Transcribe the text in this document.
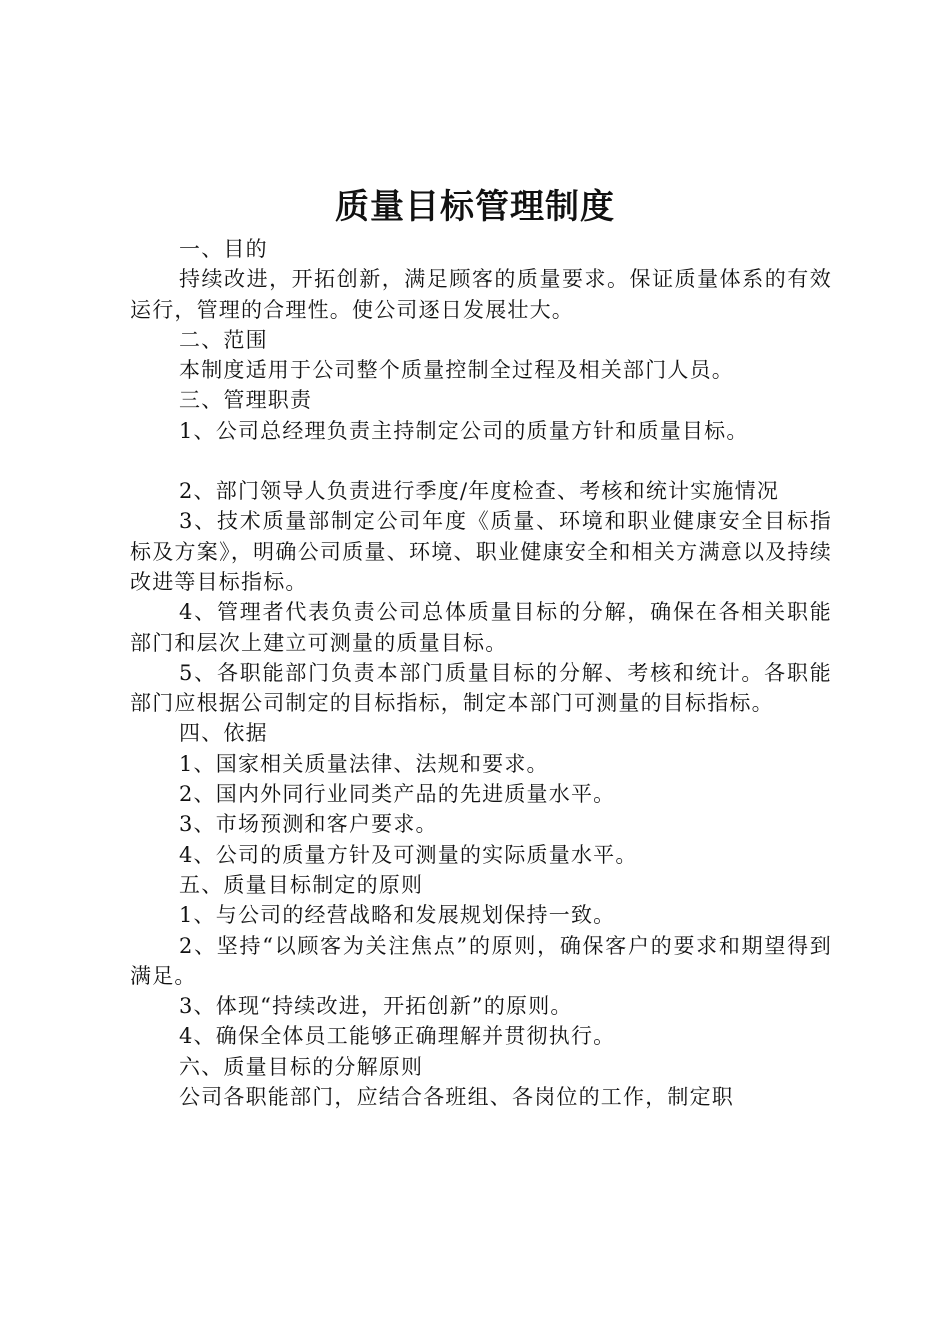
质量目标管理制度

一、目的

持续改进，开拓创新，满足顾客的质量要求。保证质量体系的有效运行，管理的合理性。使公司逐日发展壮大。

二、范围

本制度适用于公司整个质量控制全过程及相关部门人员。

三、管理职责

1、公司总经理负责主持制定公司的质量方针和质量目标。

2、部门领导人负责进行季度/年度检查、考核和统计实施情况

3、技术质量部制定公司年度《质量、环境和职业健康安全目标指标及方案》，明确公司质量、环境、职业健康安全和相关方满意以及持续改进等目标指标。

4、管理者代表负责公司总体质量目标的分解，确保在各相关职能部门和层次上建立可测量的质量目标。

5、各职能部门负责本部门质量目标的分解、考核和统计。各职能部门应根据公司制定的目标指标，制定本部门可测量的目标指标。

四、依据

1、国家相关质量法律、法规和要求。

2、国内外同行业同类产品的先进质量水平。

3、市场预测和客户要求。

4、公司的质量方针及可测量的实际质量水平。

五、质量目标制定的原则

1、与公司的经营战略和发展规划保持一致。

2、坚持“以顾客为关注焦点”的原则，确保客户的要求和期望得到满足。

3、体现“持续改进，开拓创新”的原则。

4、确保全体员工能够正确理解并贯彻执行。

六、质量目标的分解原则

公司各职能部门，应结合各班组、各岗位的工作，制定职
